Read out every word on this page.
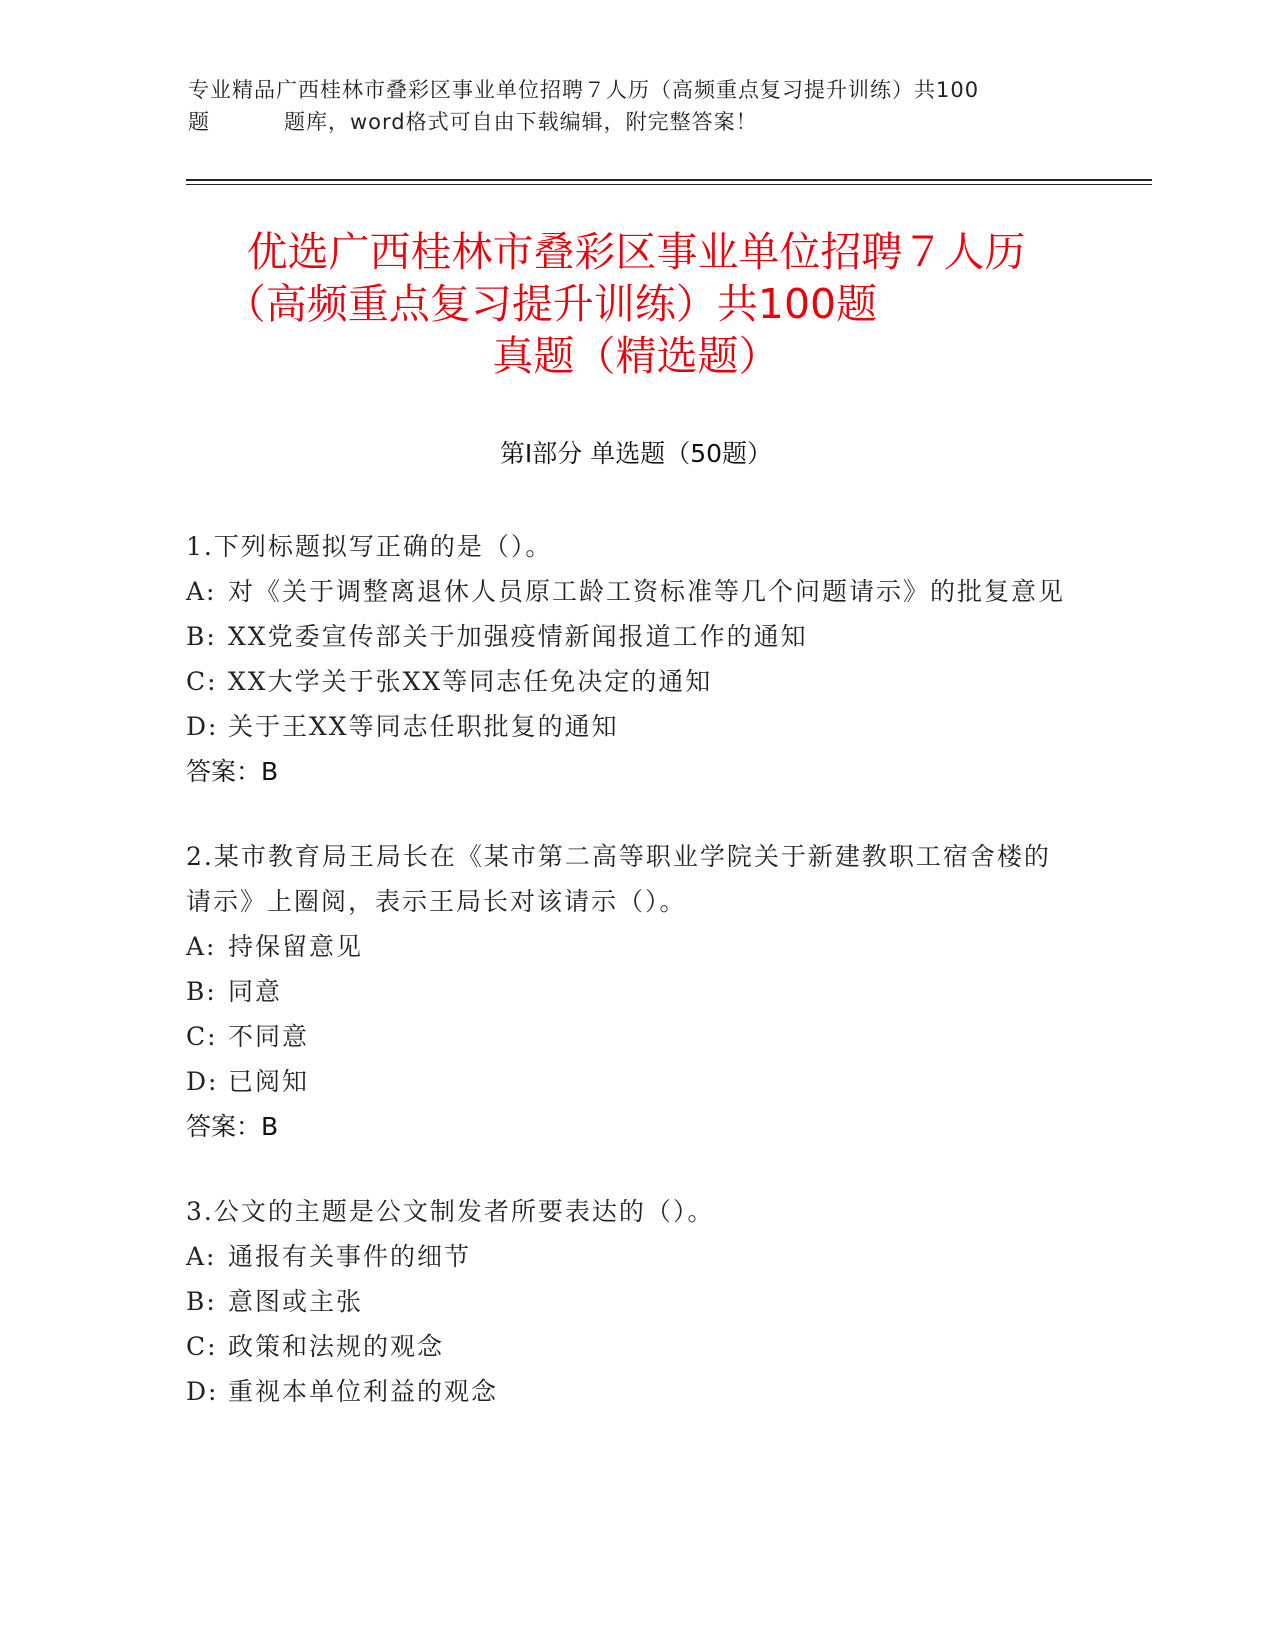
专业精品广西桂林市叠彩区事业单位招聘７人历（高频重点复习提升训练）共100
题	题库，word格式可自由下载编辑，附完整答案！
优选广西桂林市叠彩区事业单位招聘７人历
（高频重点复习提升训练）共100题
真题（精选题）
第Ⅰ部分 单选题（50题）
1.下列标题拟写正确的是（）。
A: 对《关于调整离退休人员原工龄工资标准等几个问题请示》的批复意见
B: XX党委宣传部关于加强疫情新闻报道工作的通知
C: XX大学关于张XX等同志任免决定的通知
D: 关于王XX等同志任职批复的通知
答案：B
2.某市教育局王局长在《某市第二高等职业学院关于新建教职工宿舍楼的请示》上圈阅，表示王局长对该请示（）。
A: 持保留意见
B: 同意
C: 不同意
D: 已阅知
答案：B
3.公文的主题是公文制发者所要表达的（）。
A: 通报有关事件的细节
B: 意图或主张
C: 政策和法规的观念
D: 重视本单位利益的观念
